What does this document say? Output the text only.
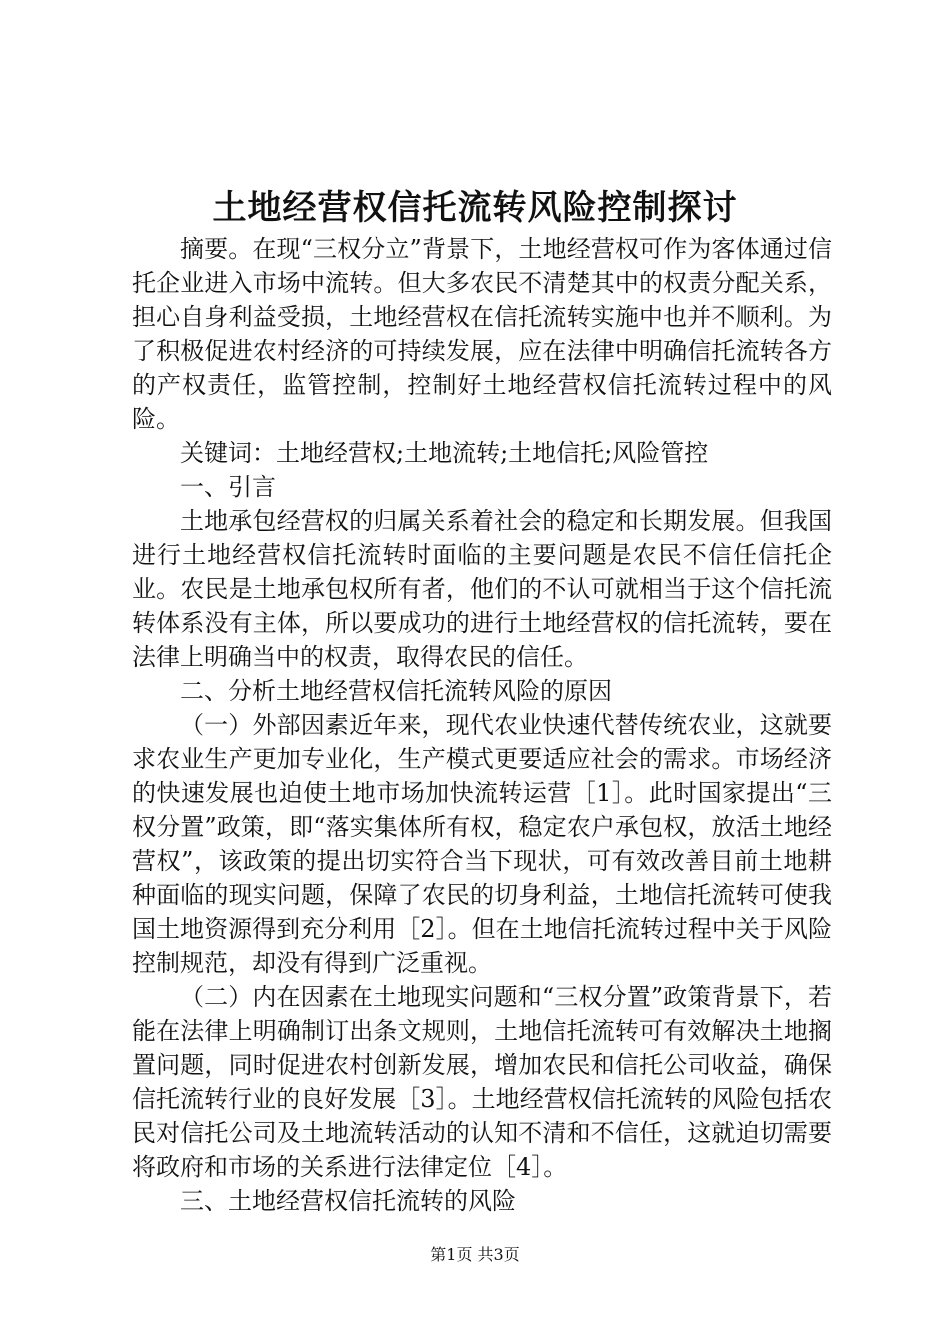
土地经营权信托流转风险控制探讨

摘要。在现“三权分立”背景下，土地经营权可作为客体通过信托企业进入市场中流转。但大多农民不清楚其中的权责分配关系，担心自身利益受损，土地经营权在信托流转实施中也并不顺利。为了积极促进农村经济的可持续发展，应在法律中明确信托流转各方的产权责任，监管控制，控制好土地经营权信托流转过程中的风险。

关键词：土地经营权;土地流转;土地信托;风险管控

一、引言

土地承包经营权的归属关系着社会的稳定和长期发展。但我国进行土地经营权信托流转时面临的主要问题是农民不信任信托企业。农民是土地承包权所有者，他们的不认可就相当于这个信托流转体系没有主体，所以要成功的进行土地经营权的信托流转，要在法律上明确当中的权责，取得农民的信任。

二、分析土地经营权信托流转风险的原因

（一）外部因素近年来，现代农业快速代替传统农业，这就要求农业生产更加专业化，生产模式更要适应社会的需求。市场经济的快速发展也迫使土地市场加快流转运营［1］。此时国家提出“三权分置”政策，即“落实集体所有权，稳定农户承包权，放活土地经营权”，该政策的提出切实符合当下现状，可有效改善目前土地耕种面临的现实问题，保障了农民的切身利益，土地信托流转可使我国土地资源得到充分利用［2］。但在土地信托流转过程中关于风险控制规范，却没有得到广泛重视。

（二）内在因素在土地现实问题和“三权分置”政策背景下，若能在法律上明确制订出条文规则，土地信托流转可有效解决土地搁置问题，同时促进农村创新发展，增加农民和信托公司收益，确保信托流转行业的良好发展［3］。土地经营权信托流转的风险包括农民对信托公司及土地流转活动的认知不清和不信任，这就迫切需要将政府和市场的关系进行法律定位［4］。

三、土地经营权信托流转的风险

第1页 共3页
